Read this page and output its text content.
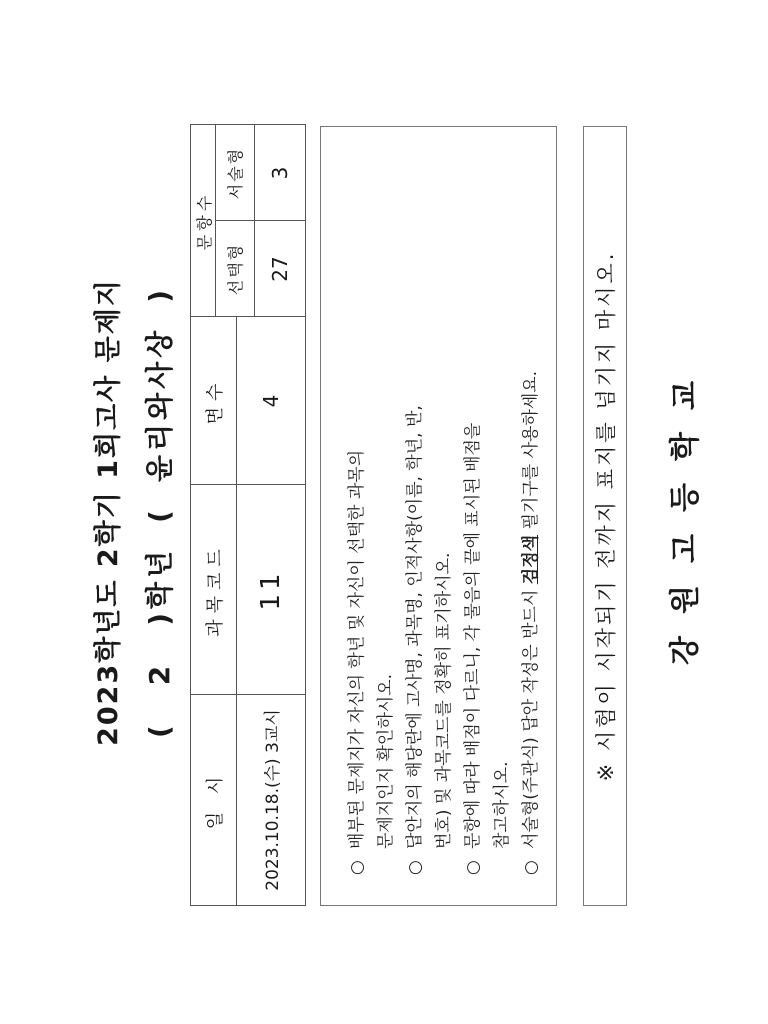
2023학년도 2학기 1회고사 문제지 (2)학년(윤리와사상)
일 시
과목코드
면수
문항수
선택형
서술형
2023.10.18.(수) 3교시
11
4
27
3

○배부된 문제지가 자신의 학년 및 자신이 선택한 과목의 문제지인지 확인하시오.

○답안지의 해당란에 고사명, 과목명, 인적사항(이름, 학년, 반, 번호) 및 과목코드를 정확히 표기하시오.

○문항에 따라 배점이 다르니, 각 물음의 끝에 표시된 배점을 참고하시오.

○서술형(주관식) 답안 작성은 반드시 검정색 필기구를 사용하세요.	※ 시험이 시작되기 전까지 표지를 넘기지 마시오.	강원고등학교
